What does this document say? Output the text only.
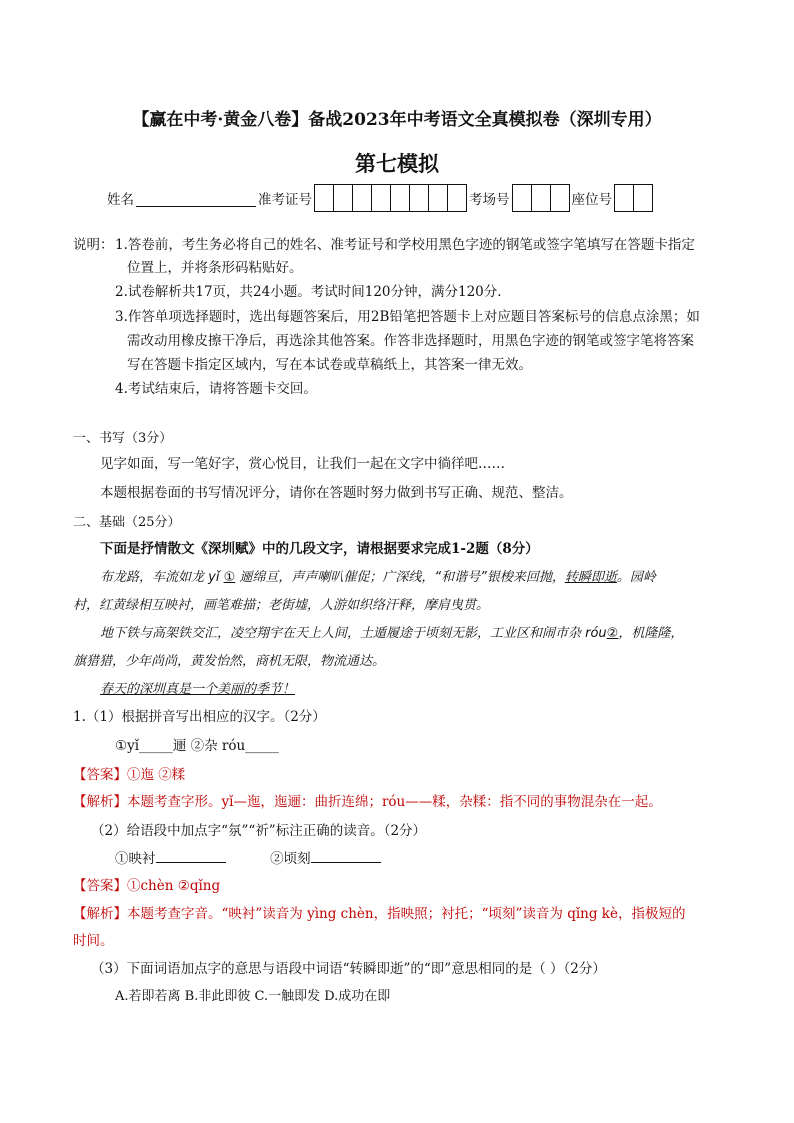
【赢在中考·黄金八卷】备战2023年中考语文全真模拟卷（深圳专用）
第七模拟
姓名	准考证号	考场号	座位号
说明： 1.答卷前，考生务必将自己的姓名、准考证号和学校用黑色字迹的钢笔或签字笔填写在答题卡指定
位置上，并将条形码粘贴好。
2.试卷解析共17页，共24小题。考试时间120分钟，满分120分.
3.作答单项选择题时，选出每题答案后，用2B铅笔把答题卡上对应题目答案标号的信息点涂黑；如
需改动用橡皮擦干净后，再选涂其他答案。作答非选择题时，用黑色字迹的钢笔或签字笔将答案
写在答题卡指定区域内，写在本试卷或草稿纸上，其答案一律无效。
4.考试结束后，请将答题卡交回。
一、书写（3分）
见字如面，写一笔好字，赏心悦目，让我们一起在文字中徜徉吧……
本题根据卷面的书写情况评分，请你在答题时努力做到书写正确、规范、整洁。
二、基础（25分）
下面是抒情散文《深圳赋》中的几段文字，请根据要求完成1-2题（8分）
布龙路，车流如龙 yǐ ① 逦绵亘，声声喇叭催促；广深线，“和谐号”银梭来回抛，转瞬即逝。园岭
村，红黄绿相互映衬，画笔难描；老街墟，人游如织络汗释，摩肩曳贯。
地下铁与高架铁交汇，凌空翔宇在天上人间，土遁履途于顷刻无影，工业区和闹市杂 róu②，机隆隆，
旗猎猎，少年尚尚，黄发怡然，商机无限，物流通达。
春天的深圳真是一个美丽的季节！
1.（1）根据拼音写出相应的汉字。（2分）
①yǐ_____逦 ②杂 róu_____
【答案】①迤 ②糅
【解析】本题考查字形。yǐ—迤，迤逦：曲折连绵；róu——糅，杂糅：指不同的事物混杂在一起。
（2）给语段中加点字“氛”“祈”标注正确的读音。（2分）
①映衬	②顷刻
【答案】①chèn ②qǐng
【解析】本题考查字音。“映衬”读音为 yìng chèn，指映照；衬托；“顷刻”读音为 qǐng kè，指极短的
时间。
（3）下面词语加点字的意思与语段中词语“转瞬即逝”的“即”意思相同的是（ ）（2分）
A.若即若离 B.非此即彼 C.一触即发 D.成功在即
